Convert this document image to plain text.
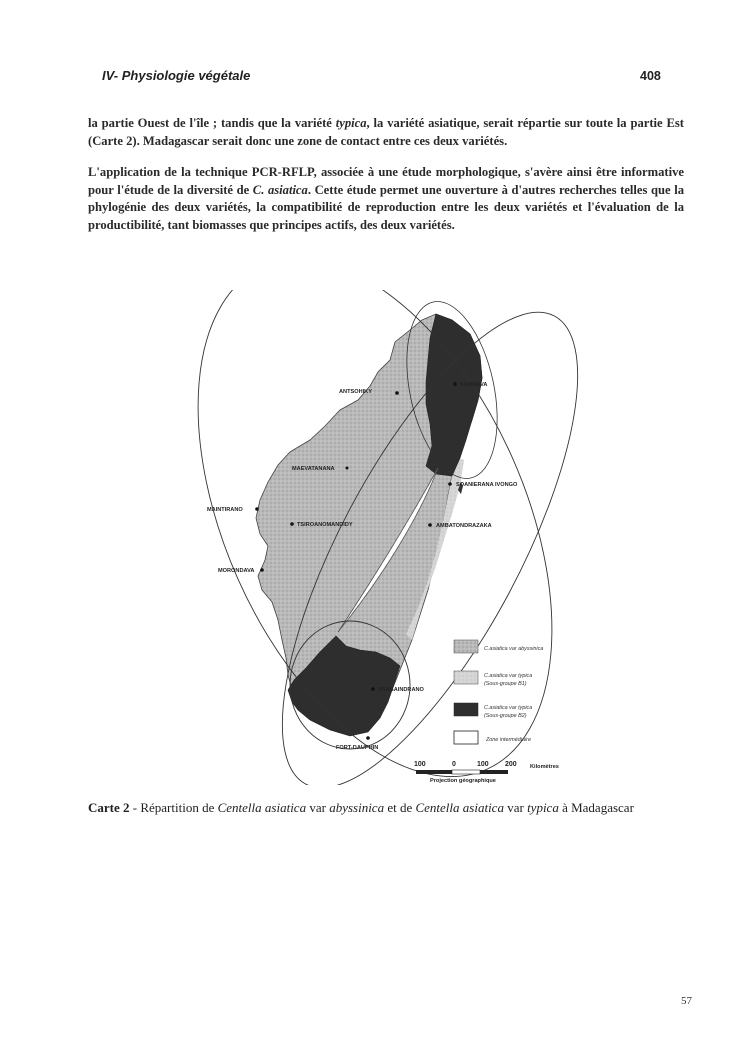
IV- Physiologie végétale	408

la partie Ouest de l'île ; tandis que la variété typica, la variété asiatique, serait répartie sur toute la partie Est (Carte 2). Madagascar serait donc une zone de contact entre ces deux variétés.

L'application de la technique PCR-RFLP, associée à une étude morphologique, s'avère ainsi être informative pour l'étude de la diversité de C. asiatica. Cette étude permet une ouverture à d'autres recherches telles que la phylogénie des deux variétés, la compatibilité de reproduction entre les deux variétés et l'évaluation de la productibilité, tant biomasses que principes actifs, des deux variétés.

ANTSOHIKY
SAMBAVA
MAEVATANANA
SOANIERANA IVONGO
MAINTIRANO
TSIROANOMANDIDY	AMBATONDRAZAKA
MORONDAVA
VANGAINDRANO
FORT-DAUPHIN
C.asiatica var abyssinica
C.asiatica var typica
(Sous-groupe B1)
C.asiatica var typica
(Sous-groupe B2)
Zone intermédiaire
100	0	100 200 Kilomètres
Projection géographique

Carte 2 - Répartition de Centella asiatica var abyssinica et de Centella asiatica var typica à Madagascar

57
